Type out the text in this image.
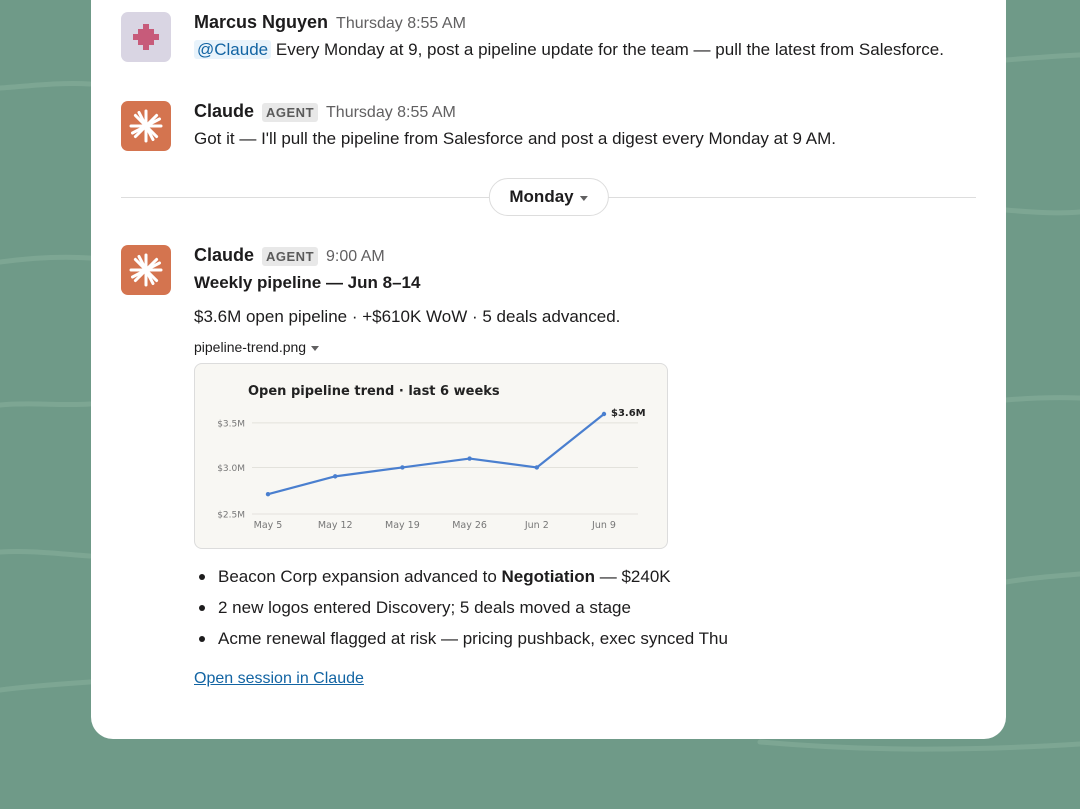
Marcus Nguyen Thursday 8:55 AM
@Claude Every Monday at 9, post a pipeline update for the team — pull the latest from Salesforce.
Claude AGENT Thursday 8:55 AM
Got it — I'll pull the pipeline from Salesforce and post a digest every Monday at 9 AM.
Monday
Claude AGENT 9:00 AM
Weekly pipeline — Jun 8–14
$3.6M open pipeline · +$610K WoW · 5 deals advanced.
pipeline-trend.png
Open pipeline trend · last 6 weeks
$2.5M
$3.0M
$3.5M
May 5	May 12	May 19	May 26	Jun 2	Jun 9
$3.6M
Beacon Corp expansion advanced to Negotiation — $240K
2 new logos entered Discovery; 5 deals moved a stage
Acme renewal flagged at risk — pricing pushback, exec synced Thu
Open session in Claude
